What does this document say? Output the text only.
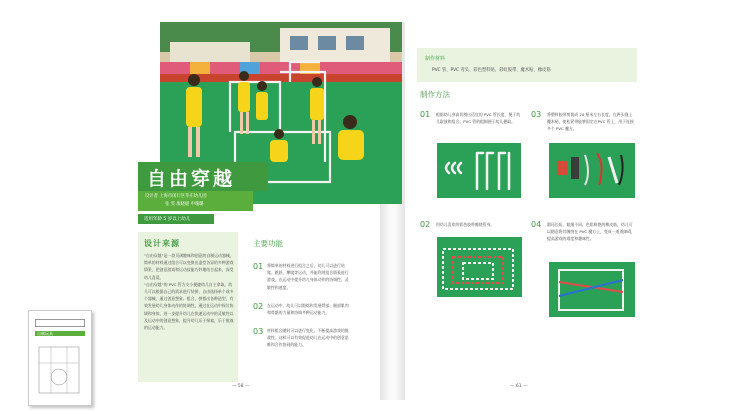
自制玩具
自由穿越
设计者 上海市闵行区莘庄幼儿园
张 雯 康晓媛 申瑰璐
适用年龄 5 岁以上幼儿
设计来源
“自由穿越”是一款页满趣味和创意的自制运动器械。简单的材料通过组合可以变换出造型各异的多种游戏情景，把创意游戏和运动技能巧妙地结合起来，深受幼儿喜爱。
“自由穿越”的 PVC 管方支小便捷幼儿自主拿取。幼儿可以根据自己的需求进行装拼，自由选择单个或多个器械，通过创意想象、组合、拼搭出各种造型，有效发展幼儿身体动作的协调性。通过在运动中探讨协调和身体，进一步提升幼儿在快速运动中的灵敏性以及运动中的创意想象，提升幼儿乐于探索，乐于挑战的运动能力。
主要功能
01 将简单的材料进行组合之后，幼儿可以进行钻爬、跳跃、攀爬等运动，并能利用组合情景进行游戏，在运动中提升幼儿身体动作的协调性、灵敏性和速度。
02 在运动中，幼儿可以锻炼和发展臂部、腿部肌肉和骨骼的力量和协调多种运动能力。
03 材料组合随时可以进行变化，不断提高游戏的挑战性，这样可以有效促进幼儿在运动中的创意思维和合作协同的能力。
— 58 —
制作材料
PVC 管、PVC 弯头、彩色塑料贴、彩虹胶带、魔术贴、橡皮筋
制作方法
01 根据幼儿身高切割出适宜的 PVC 管长度，便于幼儿取放和组合。PVC 管的粗细便于幼儿握取。
03 将塑料胶带剪裁成 20 厘米左右长度，在两头缝上魔术贴，使松紧带能够固定在PVC 管上，用于连接多个 PVC 魔方。
02 用幼儿喜欢的彩色胶带缠绕管身。	04 圆环长短、粗细不同，色彩鲜艳的橡皮筋，幼儿可以随意将其缠绕在 PVC 魔方上，变成一道道障碍，提高游戏的难度和趣味性。
— 61 —
